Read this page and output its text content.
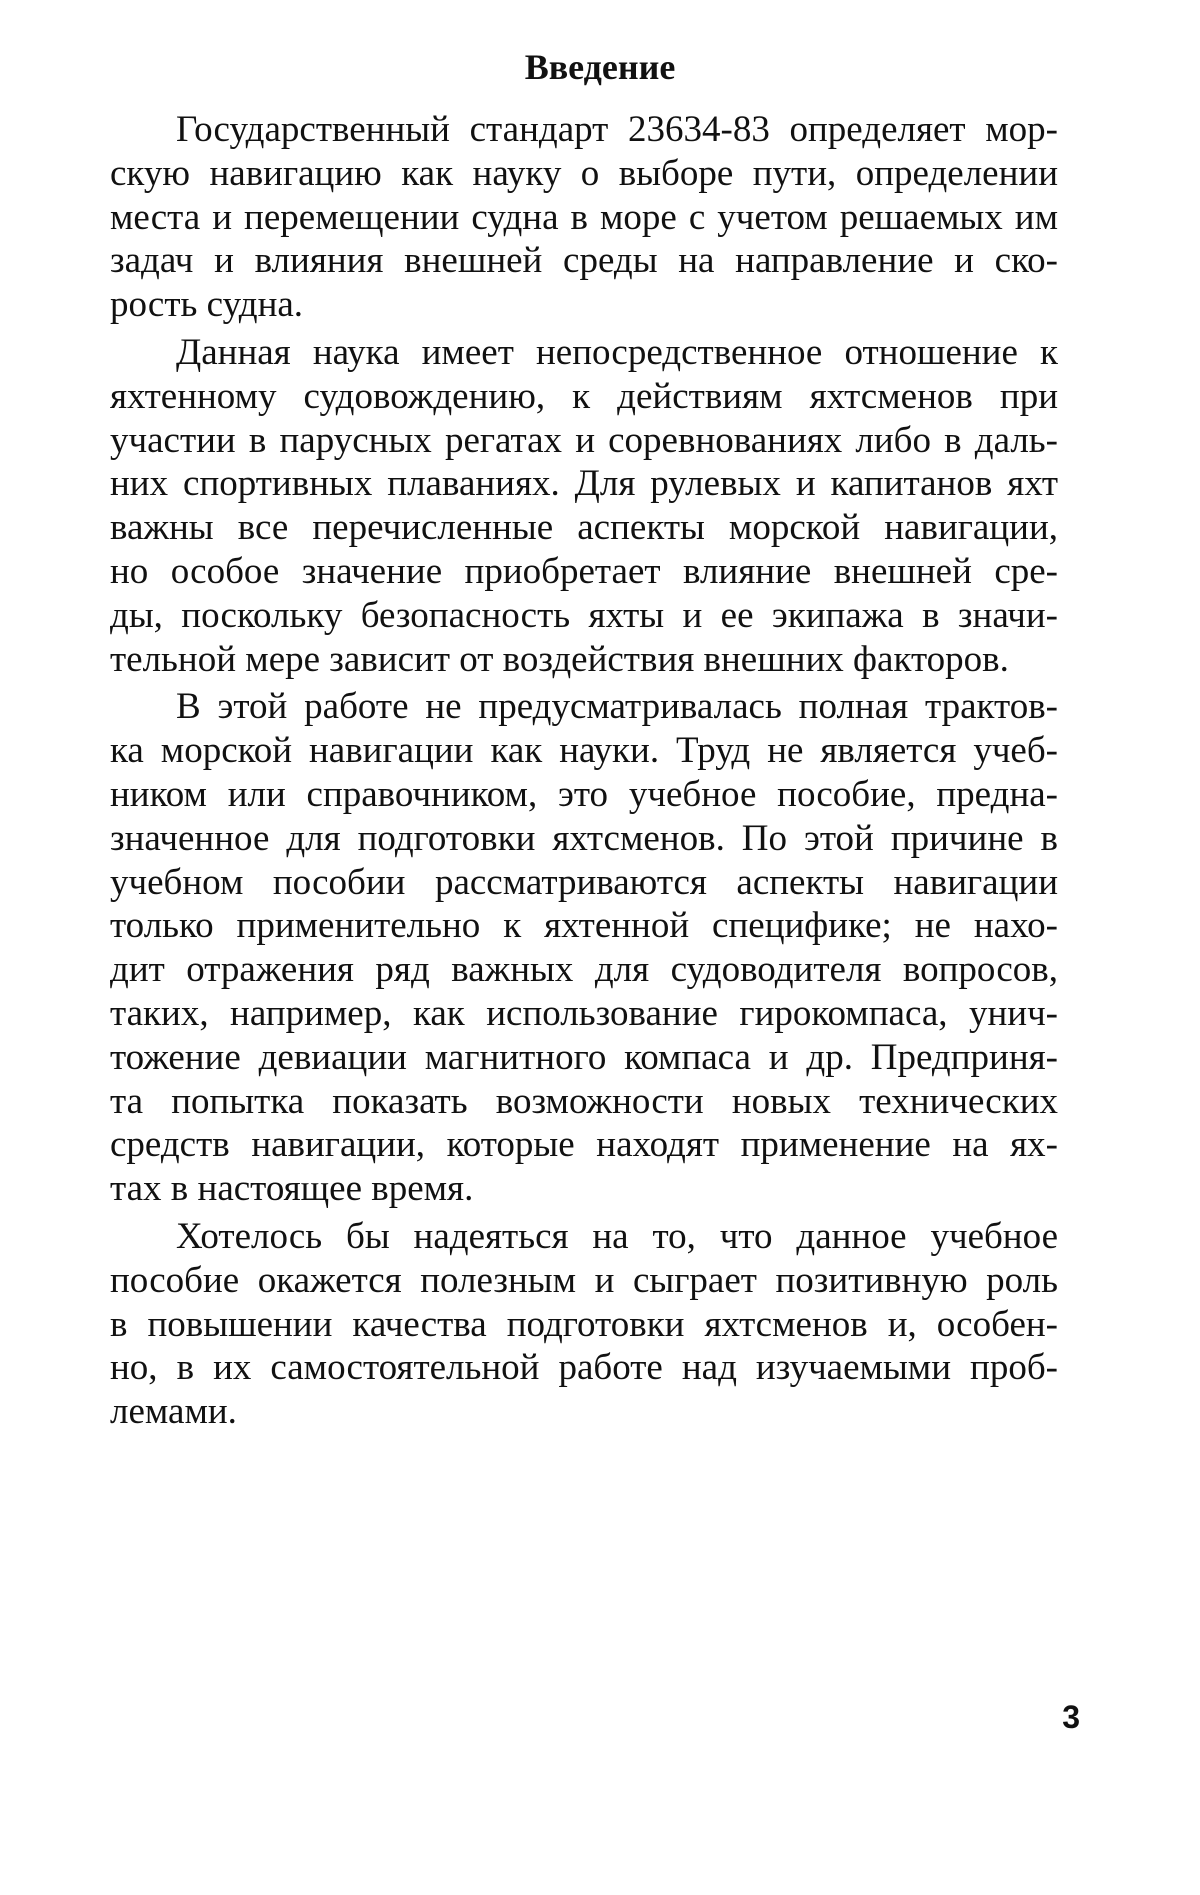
Введение

Государственный стандарт 23634-83 определяет мор-
скую навигацию как науку о выборе пути, определении
места и перемещении судна в море с учетом решаемых им
задач и влияния внешней среды на направление и ско-
рость судна.

Данная наука имеет непосредственное отношение к
яхтенному судовождению, к действиям яхтсменов при
участии в парусных регатах и соревнованиях либо в даль-
них спортивных плаваниях. Для рулевых и капитанов яхт
важны все перечисленные аспекты морской навигации,
но особое значение приобретает влияние внешней сре-
ды, поскольку безопасность яхты и ее экипажа в значи-
тельной мере зависит от воздействия внешних факторов.

В этой работе не предусматривалась полная трактов-
ка морской навигации как науки. Труд не является учеб-
ником или справочником, это учебное пособие, предна-
значенное для подготовки яхтсменов. По этой причине в
учебном пособии рассматриваются аспекты навигации
только применительно к яхтенной специфике; не нахо-
дит отражения ряд важных для судоводителя вопросов,
таких, например, как использование гирокомпаса, унич-
тожение девиации магнитного компаса и др. Предприня-
та попытка показать возможности новых технических
средств навигации, которые находят применение на ях-
тах в настоящее время.

Хотелось бы надеяться на то, что данное учебное
пособие окажется полезным и сыграет позитивную роль
в повышении качества подготовки яхтсменов и, особен-
но, в их самостоятельной работе над изучаемыми проб-
лемами.

3
